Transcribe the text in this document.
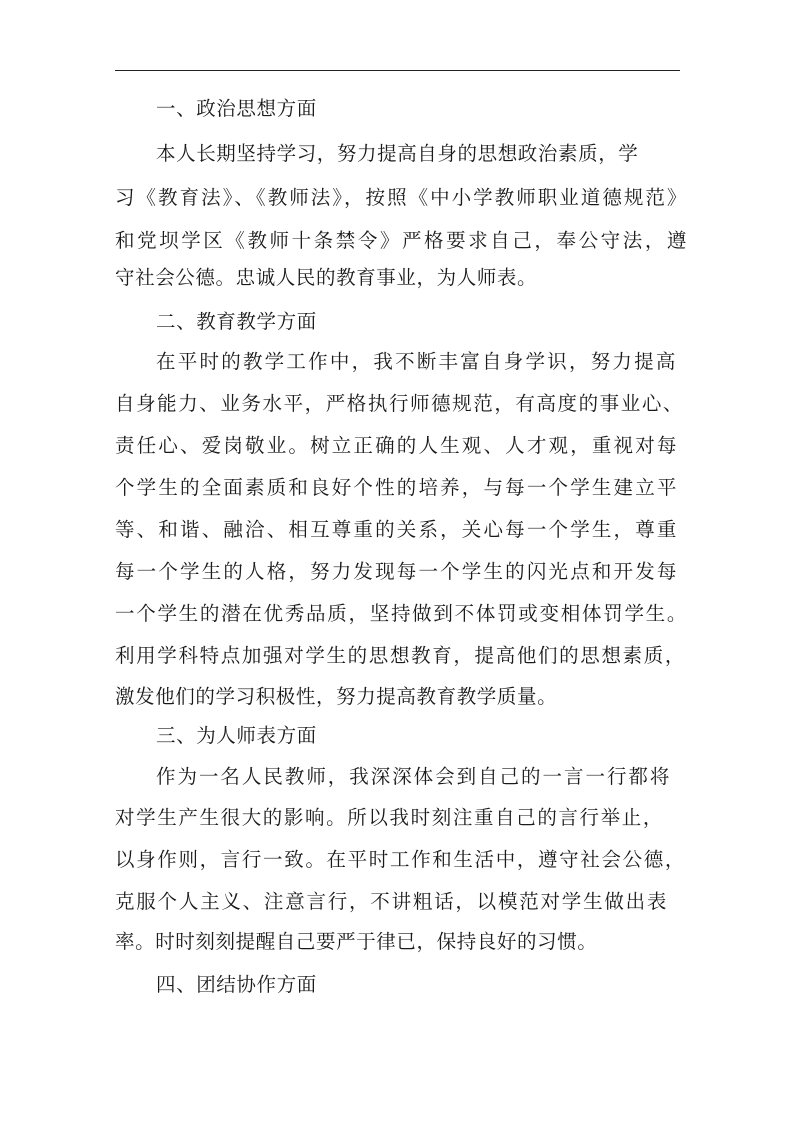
一、政治思想方面
本人长期坚持学习，努力提高自身的思想政治素质，学
习《教育法》、《教师法》，按照《中小学教师职业道德规范》
和党坝学区《教师十条禁令》严格要求自己，奉公守法，遵
守社会公德。忠诚人民的教育事业，为人师表。
二、教育教学方面
在平时的教学工作中，我不断丰富自身学识，努力提高
自身能力、业务水平，严格执行师德规范，有高度的事业心、
责任心、爱岗敬业。树立正确的人生观、人才观，重视对每
个学生的全面素质和良好个性的培养，与每一个学生建立平
等、和谐、融洽、相互尊重的关系，关心每一个学生，尊重
每一个学生的人格，努力发现每一个学生的闪光点和开发每
一个学生的潜在优秀品质，坚持做到不体罚或变相体罚学生。
利用学科特点加强对学生的思想教育，提高他们的思想素质，
激发他们的学习积极性，努力提高教育教学质量。
三、为人师表方面
作为一名人民教师，我深深体会到自己的一言一行都将
对学生产生很大的影响。所以我时刻注重自己的言行举止，
以身作则，言行一致。在平时工作和生活中，遵守社会公德，
克服个人主义、注意言行，不讲粗话，以模范对学生做出表
率。时时刻刻提醒自己要严于律已，保持良好的习惯。
四、团结协作方面
